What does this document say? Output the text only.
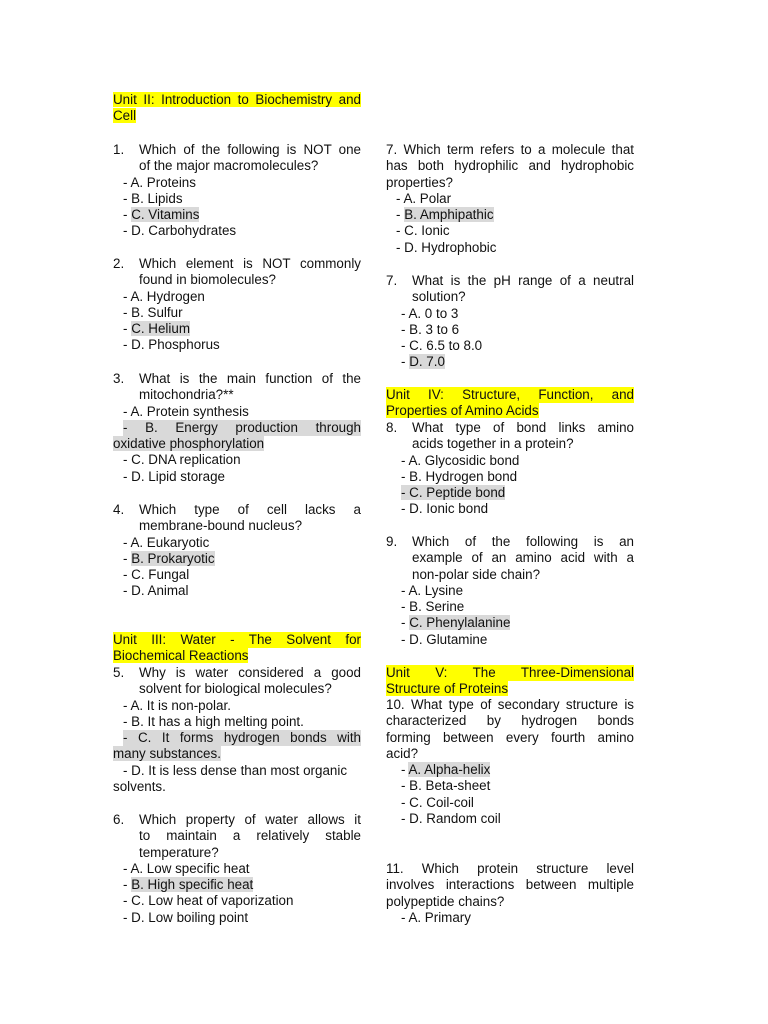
Unit II: Introduction to Biochemistry and
Cell
1. Which of the following is NOT one
of the major macromolecules?
- A. Proteins
- B. Lipids
- C. Vitamins
- D. Carbohydrates
2. Which element is NOT commonly
found in biomolecules?
- A. Hydrogen
- B. Sulfur
- C. Helium
- D. Phosphorus
3. What is the main function of the
mitochondria?**
- A. Protein synthesis
- B. Energy production through
oxidative phosphorylation
- C. DNA replication
- D. Lipid storage
4. Which type of cell lacks a
membrane-bound nucleus?
- A. Eukaryotic
- B. Prokaryotic
- C. Fungal
- D. Animal
Unit III: Water - The Solvent for
Biochemical Reactions
5. Why is water considered a good
solvent for biological molecules?
- A. It is non-polar.
- B. It has a high melting point.
- C. It forms hydrogen bonds with
many substances.
- D. It is less dense than most organic
solvents.
6. Which property of water allows it
to maintain a relatively stable
temperature?
- A. Low specific heat
- B. High specific heat
- C. Low heat of vaporization
- D. Low boiling point
7. Which term refers to a molecule that
has both hydrophilic and hydrophobic
properties?
- A. Polar
- B. Amphipathic
- C. Ionic
- D. Hydrophobic
7. What is the pH range of a neutral
solution?
- A. 0 to 3
- B. 3 to 6
- C. 6.5 to 8.0
- D. 7.0
Unit IV: Structure, Function, and
Properties of Amino Acids
8. What type of bond links amino
acids together in a protein?
- A. Glycosidic bond
- B. Hydrogen bond
- C. Peptide bond
- D. Ionic bond
9. Which of the following is an
example of an amino acid with a
non-polar side chain?
- A. Lysine
- B. Serine
- C. Phenylalanine
- D. Glutamine
Unit V: The Three-Dimensional
Structure of Proteins
10. What type of secondary structure is
characterized by hydrogen bonds
forming between every fourth amino
acid?
- A. Alpha-helix
- B. Beta-sheet
- C. Coil-coil
- D. Random coil
11. Which protein structure level
involves interactions between multiple
polypeptide chains?
- A. Primary
